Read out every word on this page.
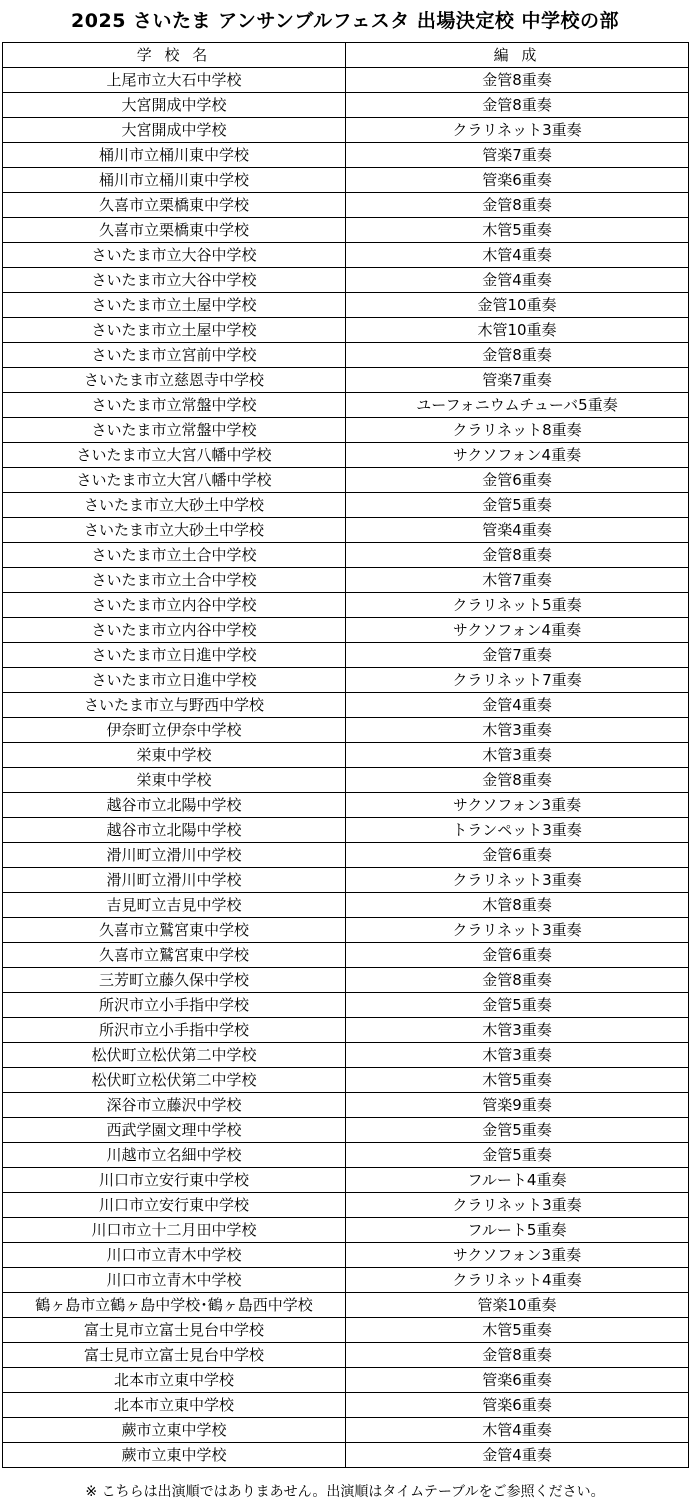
2025 さいたま アンサンブルフェスタ 出場決定校 中学校の部
学 校 名	編 成
上尾市立大石中学校	金管8重奏
大宮開成中学校	金管8重奏
大宮開成中学校	クラリネット3重奏
桶川市立桶川東中学校	管楽7重奏
桶川市立桶川東中学校	管楽6重奏
久喜市立栗橋東中学校	金管8重奏
久喜市立栗橋東中学校	木管5重奏
さいたま市立大谷中学校	木管4重奏
さいたま市立大谷中学校	金管4重奏
さいたま市立土屋中学校	金管10重奏
さいたま市立土屋中学校	木管10重奏
さいたま市立宮前中学校	金管8重奏
さいたま市立慈恩寺中学校	管楽7重奏
さいたま市立常盤中学校	ユーフォニウムチューバ5重奏
さいたま市立常盤中学校	クラリネット8重奏
さいたま市立大宮八幡中学校	サクソフォン4重奏
さいたま市立大宮八幡中学校	金管6重奏
さいたま市立大砂土中学校	金管5重奏
さいたま市立大砂土中学校	管楽4重奏
さいたま市立土合中学校	金管8重奏
さいたま市立土合中学校	木管7重奏
さいたま市立内谷中学校	クラリネット5重奏
さいたま市立内谷中学校	サクソフォン4重奏
さいたま市立日進中学校	金管7重奏
さいたま市立日進中学校	クラリネット7重奏
さいたま市立与野西中学校	金管4重奏
伊奈町立伊奈中学校	木管3重奏
栄東中学校	木管3重奏
栄東中学校	金管8重奏
越谷市立北陽中学校	サクソフォン3重奏
越谷市立北陽中学校	トランペット3重奏
滑川町立滑川中学校	金管6重奏
滑川町立滑川中学校	クラリネット3重奏
吉見町立吉見中学校	木管8重奏
久喜市立鷲宮東中学校	クラリネット3重奏
久喜市立鷲宮東中学校	金管6重奏
三芳町立藤久保中学校	金管8重奏
所沢市立小手指中学校	金管5重奏
所沢市立小手指中学校	木管3重奏
松伏町立松伏第二中学校	木管3重奏
松伏町立松伏第二中学校	木管5重奏
深谷市立藤沢中学校	管楽9重奏
西武学園文理中学校	金管5重奏
川越市立名細中学校	金管5重奏
川口市立安行東中学校	フルート4重奏
川口市立安行東中学校	クラリネット3重奏
川口市立十二月田中学校	フルート5重奏
川口市立青木中学校	サクソフォン3重奏
川口市立青木中学校	クラリネット4重奏
鶴ヶ島市立鶴ヶ島中学校･鶴ヶ島西中学校	管楽10重奏
富士見市立富士見台中学校	木管5重奏
富士見市立富士見台中学校	金管8重奏
北本市立東中学校	管楽6重奏
北本市立東中学校	管楽6重奏
蕨市立東中学校	木管4重奏
蕨市立東中学校	金管4重奏
※ こちらは出演順ではありまあせん。出演順はタイムテーブルをご参照ください。
